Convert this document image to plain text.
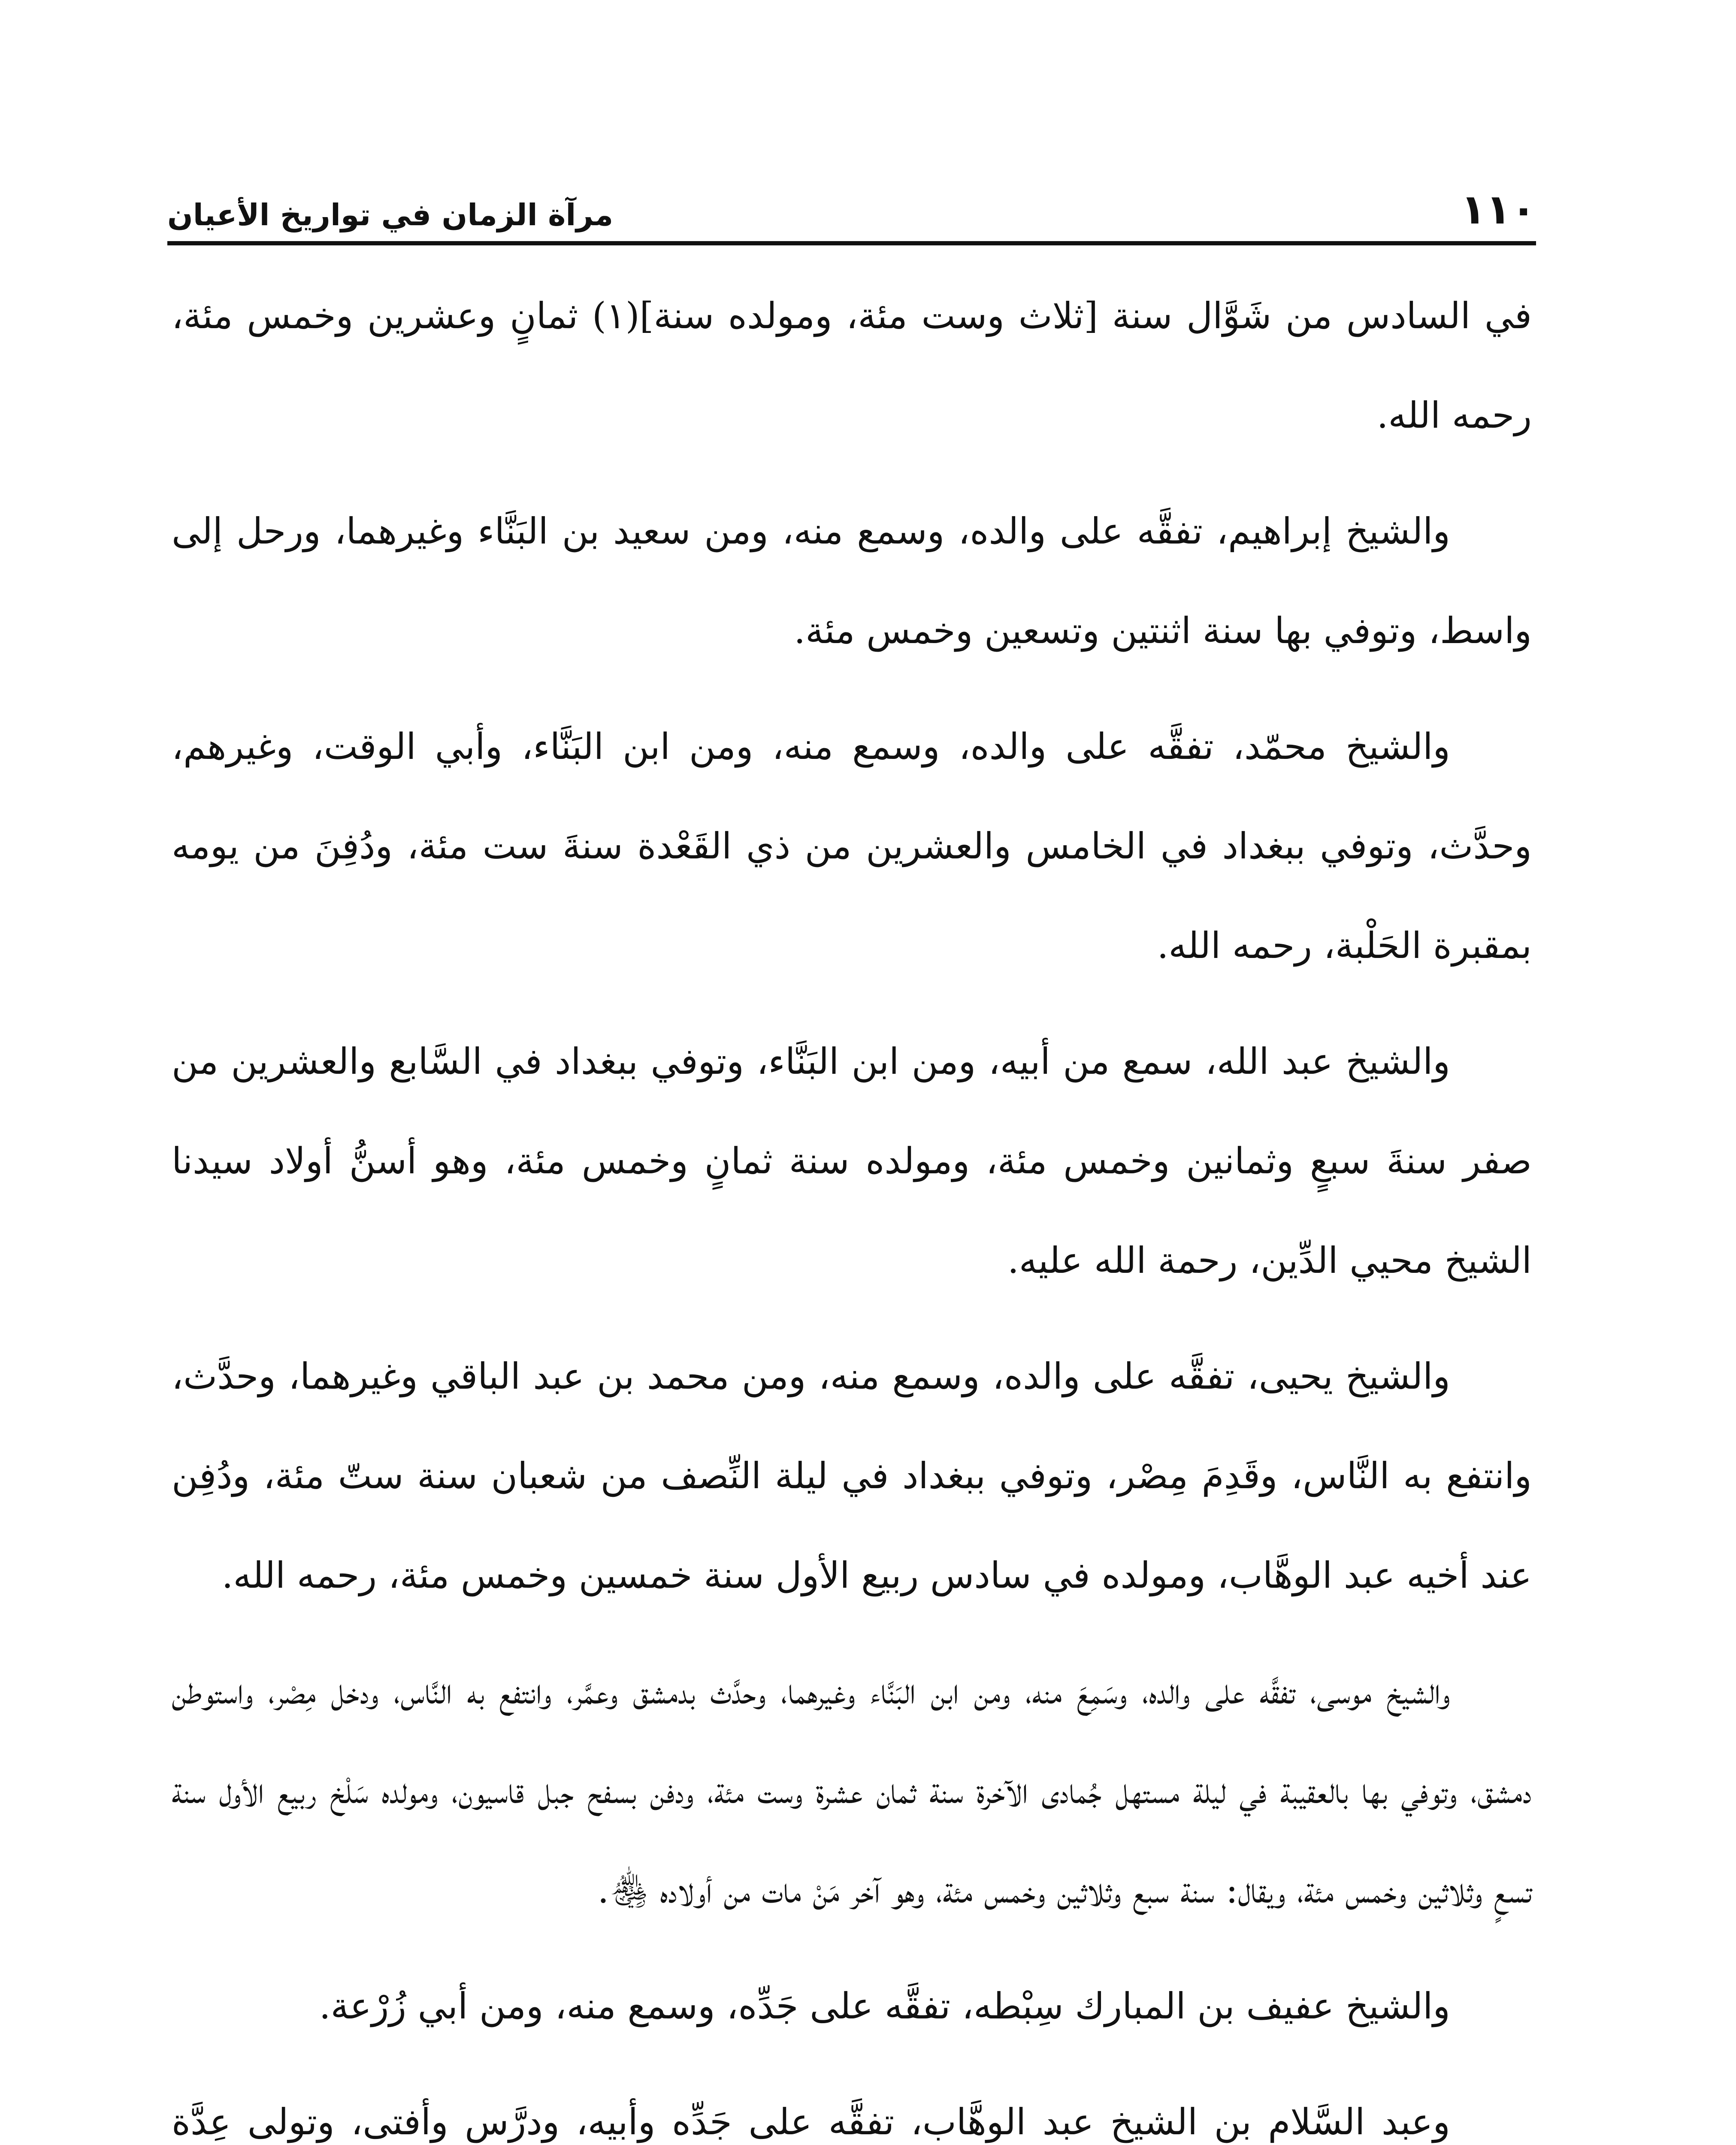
١١٠
مرآة الزمان في تواريخ الأعيان

في السادس من شَوَّال سنة [ثلاث وست مئة، ومولده سنة](١) ثمانٍ وعشرين وخمس مئة، رحمه الله.

والشيخ إبراهيم، تفقَّه على والده، وسمع منه، ومن سعيد بن البَنَّاء وغيرهما، ورحل إلى واسط، وتوفي بها سنة اثنتين وتسعين وخمس مئة.

والشيخ محمّد، تفقَّه على والده، وسمع منه، ومن ابن البَنَّاء، وأبي الوقت، وغيرهم، وحدَّث، وتوفي ببغداد في الخامس والعشرين من ذي القَعْدة سنةَ ست مئة، ودُفِنَ من يومه بمقبرة الحَلْبة، رحمه الله.

والشيخ عبد الله، سمع من أبيه، ومن ابن البَنَّاء، وتوفي ببغداد في السَّابع والعشرين من صفر سنةَ سبعٍ وثمانين وخمس مئة، ومولده سنة ثمانٍ وخمس مئة، وهو أسنُّ أولاد سيدنا الشيخ محيي الدِّين، رحمة الله عليه.

والشيخ يحيى، تفقَّه على والده، وسمع منه، ومن محمد بن عبد الباقي وغيرهما، وحدَّث، وانتفع به النَّاس، وقَدِمَ مِصْر، وتوفي ببغداد في ليلة النِّصف من شعبان سنة ستّ مئة، ودُفِن عند أخيه عبد الوهَّاب، ومولده في سادس ربيع الأول سنة خمسين وخمس مئة، رحمه الله.

والشيخ موسى، تفقَّه على والده، وسَمِعَ منه، ومن ابن البَنَّاء وغيرهما، وحدَّث بدمشق وعمَّر، وانتفع به النَّاس، ودخل مِصْر، واستوطن دمشق، وتوفي بها بالعقيبة في ليلة مستهل جُمادى الآخرة سنة ثمان عشرة وست مئة، ودفن بسفح جبل قاسيون، ومولده سَلْخ ربيع الأول سنة تسعٍ وثلاثين وخمس مئة، ويقال: سنة سبع وثلاثين وخمس مئة، وهو آخر مَنْ مات من أولاده ﵃.

والشيخ عفيف بن المبارك سِبْطه، تفقَّه على جَدِّه، وسمع منه، ومن أبي زُرْعة.

وعبد السَّلام بن الشيخ عبد الوهَّاب، تفقَّه على جَدِّه وأبيه، ودرَّس وأفتى، وتولى عِدَّة
